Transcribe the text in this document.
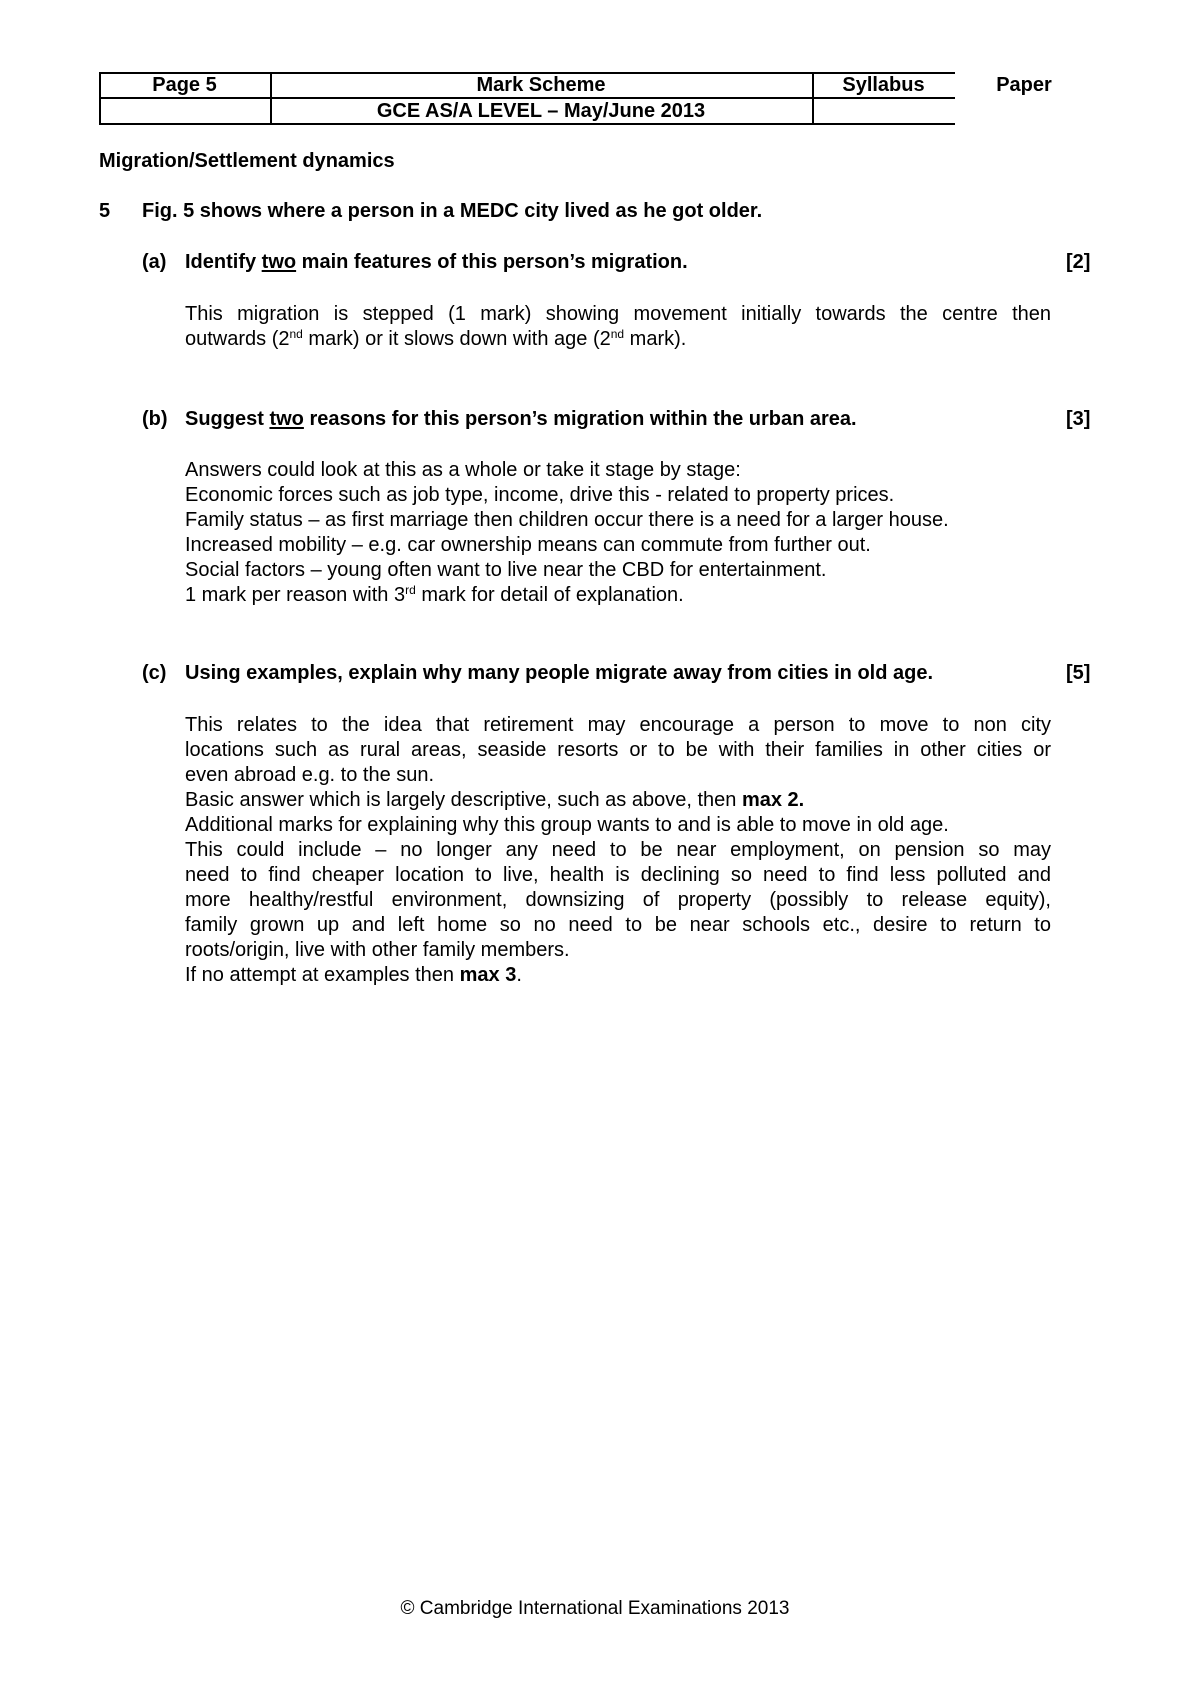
Page 5	Mark Scheme	Syllabus	Paper
GCE AS/A LEVEL – May/June 2013
Migration/Settlement dynamics
5 Fig. 5 shows where a person in a MEDC city lived as he got older.
(a) Identify two main features of this person’s migration.	[2]
This migration is stepped (1 mark) showing movement initially towards the centre then
outwards (2nd mark) or it slows down with age (2nd mark).
(b) Suggest two reasons for this person’s migration within the urban area.	[3]
Answers could look at this as a whole or take it stage by stage:
Economic forces such as job type, income, drive this - related to property prices.
Family status – as first marriage then children occur there is a need for a larger house.
Increased mobility – e.g. car ownership means can commute from further out.
Social factors – young often want to live near the CBD for entertainment.
1 mark per reason with 3rd mark for detail of explanation.
(c) Using examples, explain why many people migrate away from cities in old age.	[5]
This relates to the idea that retirement may encourage a person to move to non city
locations such as rural areas, seaside resorts or to be with their families in other cities or
even abroad e.g. to the sun.
Basic answer which is largely descriptive, such as above, then max 2.
Additional marks for explaining why this group wants to and is able to move in old age.
This could include – no longer any need to be near employment, on pension so may
need to find cheaper location to live, health is declining so need to find less polluted and
more healthy/restful environment, downsizing of property (possibly to release equity),
family grown up and left home so no need to be near schools etc., desire to return to
roots/origin, live with other family members.
If no attempt at examples then max 3.
© Cambridge International Examinations 2013
